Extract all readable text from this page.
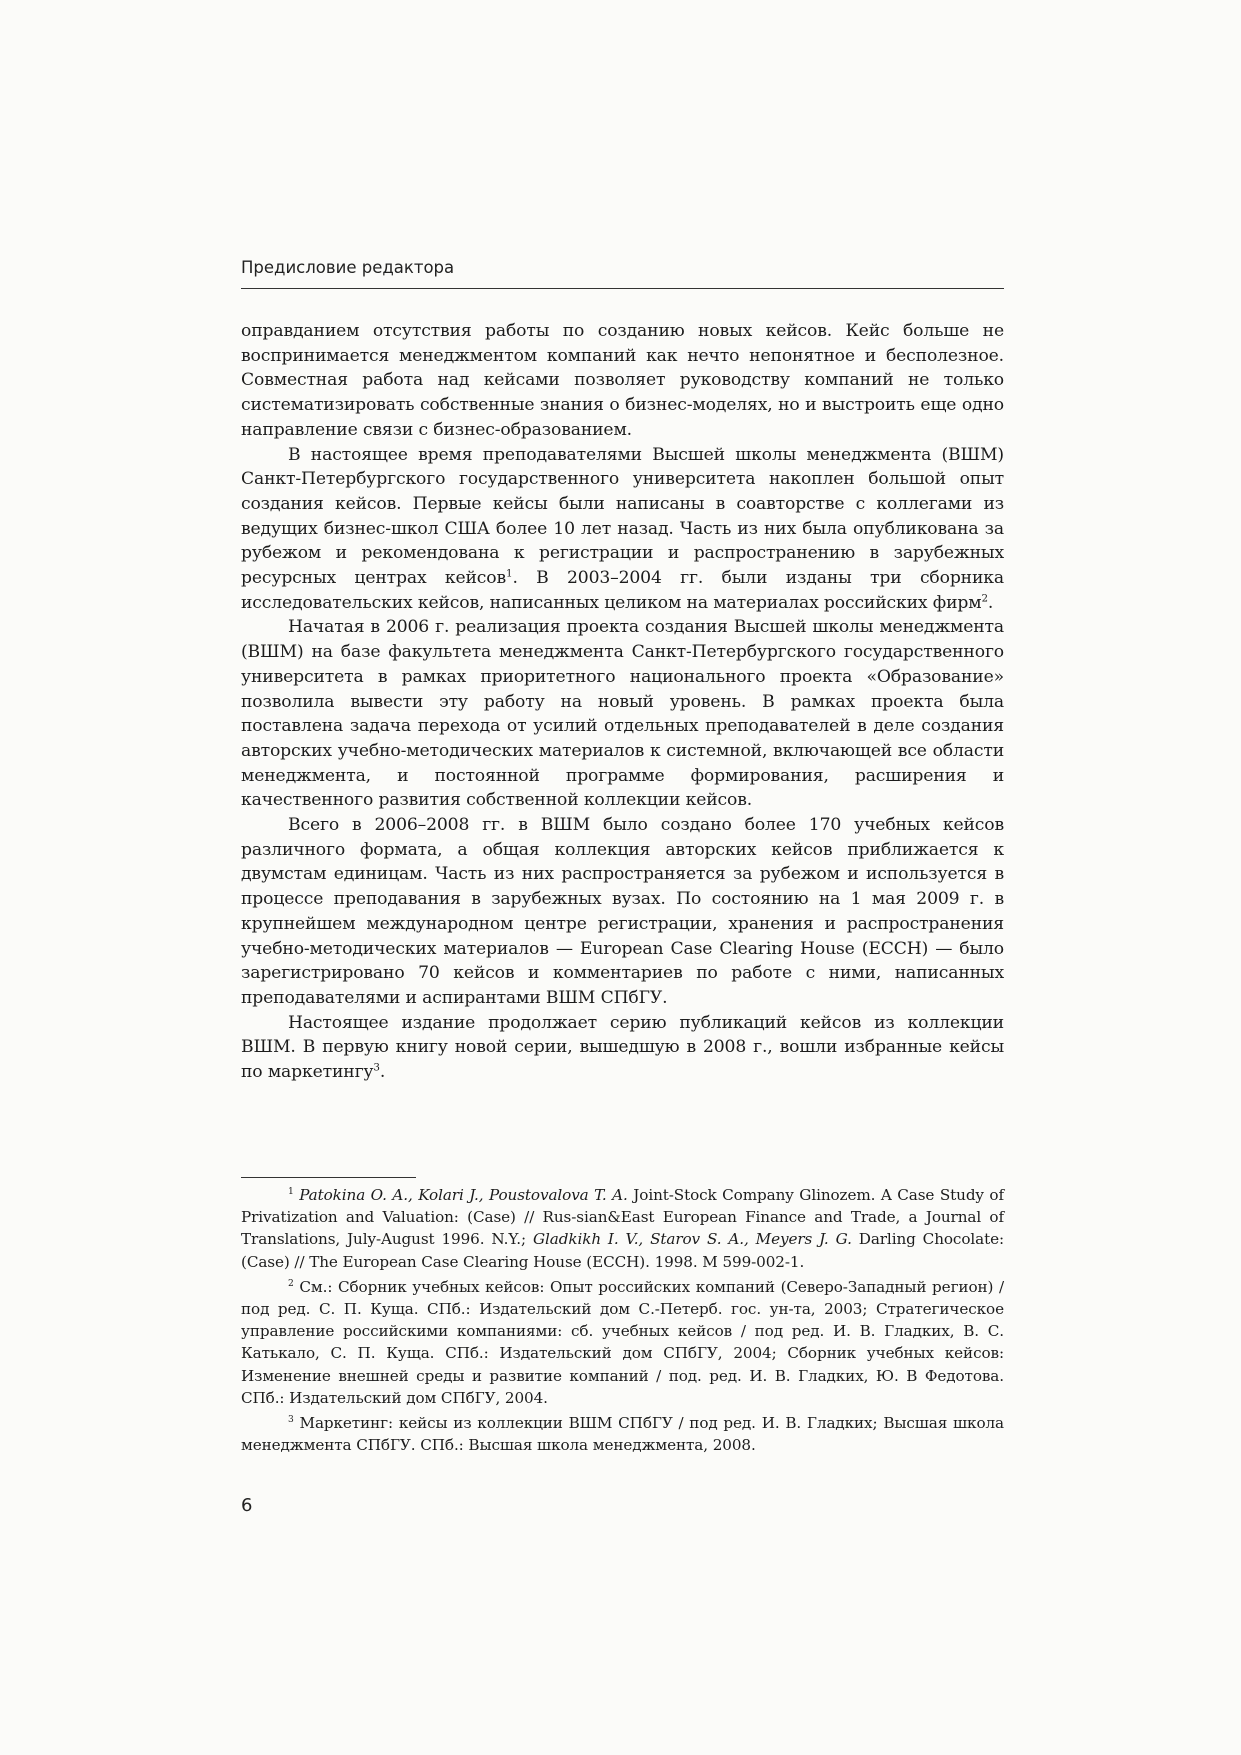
Предисловие редактора

оправданием отсутствия работы по созданию новых кейсов. Кейс больше не воспринимается менеджментом компаний как нечто непонятное и бесполезное. Совместная работа над кейсами позволяет руководству компаний не только систематизировать собственные знания о бизнес-моделях, но и выстроить еще одно направление связи с бизнес-образованием.

В настоящее время преподавателями Высшей школы менеджмента (ВШМ) Санкт-Петербургского государственного университета накоплен большой опыт создания кейсов. Первые кейсы были написаны в соавторстве с коллегами из ведущих бизнес-школ США более 10 лет назад. Часть из них была опубликована за рубежом и рекомендована к регистрации и распространению в зарубежных ресурсных центрах кейсов$^1$. В 2003–2004 гг. были изданы три сборника исследовательских кейсов, написанных целиком на материалах российских фирм$^2$.

Начатая в 2006 г. реализация проекта создания Высшей школы менеджмента (ВШМ) на базе факультета менеджмента Санкт-Петербургского государственного университета в рамках приоритетного национального проекта «Образование» позволила вывести эту работу на новый уровень. В рамках проекта была поставлена задача перехода от усилий отдельных преподавателей в деле создания авторских учебно-методических материалов к системной, включающей все области менеджмента, и постоянной программе формирования, расширения и качественного развития собственной коллекции кейсов.

Всего в 2006–2008 гг. в ВШМ было создано более 170 учебных кейсов различного формата, а общая коллекция авторских кейсов приближается к двумстам единицам. Часть из них распространяется за рубежом и используется в процессе преподавания в зарубежных вузах. По состоянию на 1 мая 2009 г. в крупнейшем международном центре регистрации, хранения и распространения учебно-методических материалов — European Case Clearing House (ECCH) — было зарегистрировано 70 кейсов и комментариев по работе с ними, написанных преподавателями и аспирантами ВШМ СПбГУ.

Настоящее издание продолжает серию публикаций кейсов из коллекции ВШМ. В первую книгу новой серии, вышедшую в 2008 г., вошли избранные кейсы по маркетингу$^3$.

$^1$ Patokina O. A., Kolari J., Poustovalova T. A. Joint-Stock Company Glinozem. A Case Study of Privatization and Valuation: (Case) // Rus-sian&East European Finance and Trade, a Journal of Translations, July-August 1996. N.Y.; Gladkikh I. V., Starov S. A., Meyers J. G. Darling Chocolate: (Case) // The European Case Clearing House (ECCH). 1998. M 599-002-1.

$^2$ См.: Сборник учебных кейсов: Опыт российских компаний (Северо-Западный регион) / под ред. С. П. Куща. СПб.: Издательский дом С.-Петерб. гос. ун-та, 2003; Стратегическое управление российскими компаниями: сб. учебных кейсов / под ред. И. В. Гладких, В. С. Катькало, С. П. Куща. СПб.: Издательский дом СПбГУ, 2004; Сборник учебных кейсов: Изменение внешней среды и развитие компаний / под. ред. И. В. Гладких, Ю. В Федотова. СПб.: Издательский дом СПбГУ, 2004.

$^3$ Маркетинг: кейсы из коллекции ВШМ СПбГУ / под ред. И. В. Гладких; Высшая школа менеджмента СПбГУ. СПб.: Высшая школа менеджмента, 2008.

6
